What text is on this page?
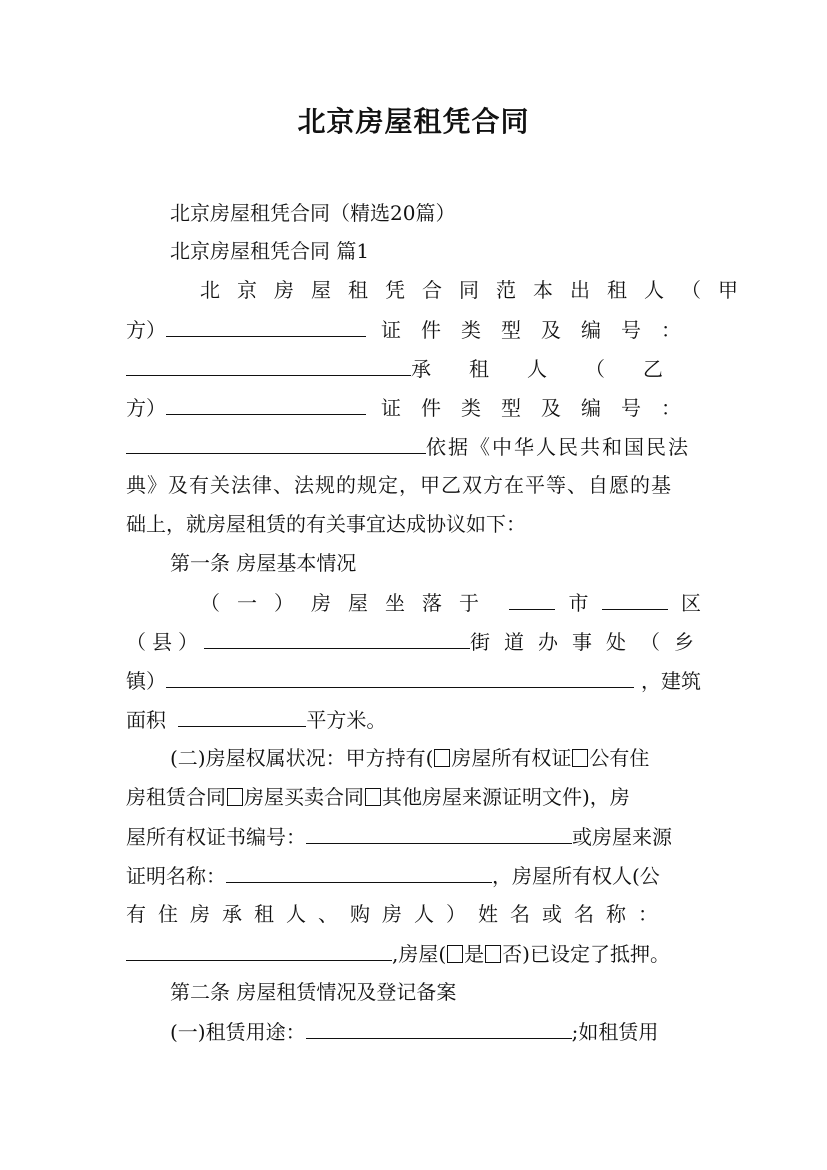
北京房屋租凭合同
北京房屋租凭合同（精选20篇）
北京房屋租凭合同 篇1
北京房屋租凭合同范本出租人（甲
方）	证件类型及编号：
承租人（乙
方）	证件类型及编号：
依据《中华人民共和国民法
典》及有关法律、法规的规定，甲乙双方在平等、自愿的基
础上，就房屋租赁的有关事宜达成协议如下：
第一条 房屋基本情况
（一）房屋坐落于	市	区
（县）	街道办事处（乡
镇）	，建筑
面积	平方米。
(二)房屋权属状况：甲方持有( 房屋所有权证 公有住
房租赁合同 房屋买卖合同 其他房屋来源证明文件)，房
屋所有权证书编号：	或房屋来源
证明名称：	，房屋所有权人(公
有住房承租人、购房人）姓名或名称：
,房屋( 是 否)已设定了抵押。
第二条 房屋租赁情况及登记备案
(一)租赁用途：	;如租赁用
